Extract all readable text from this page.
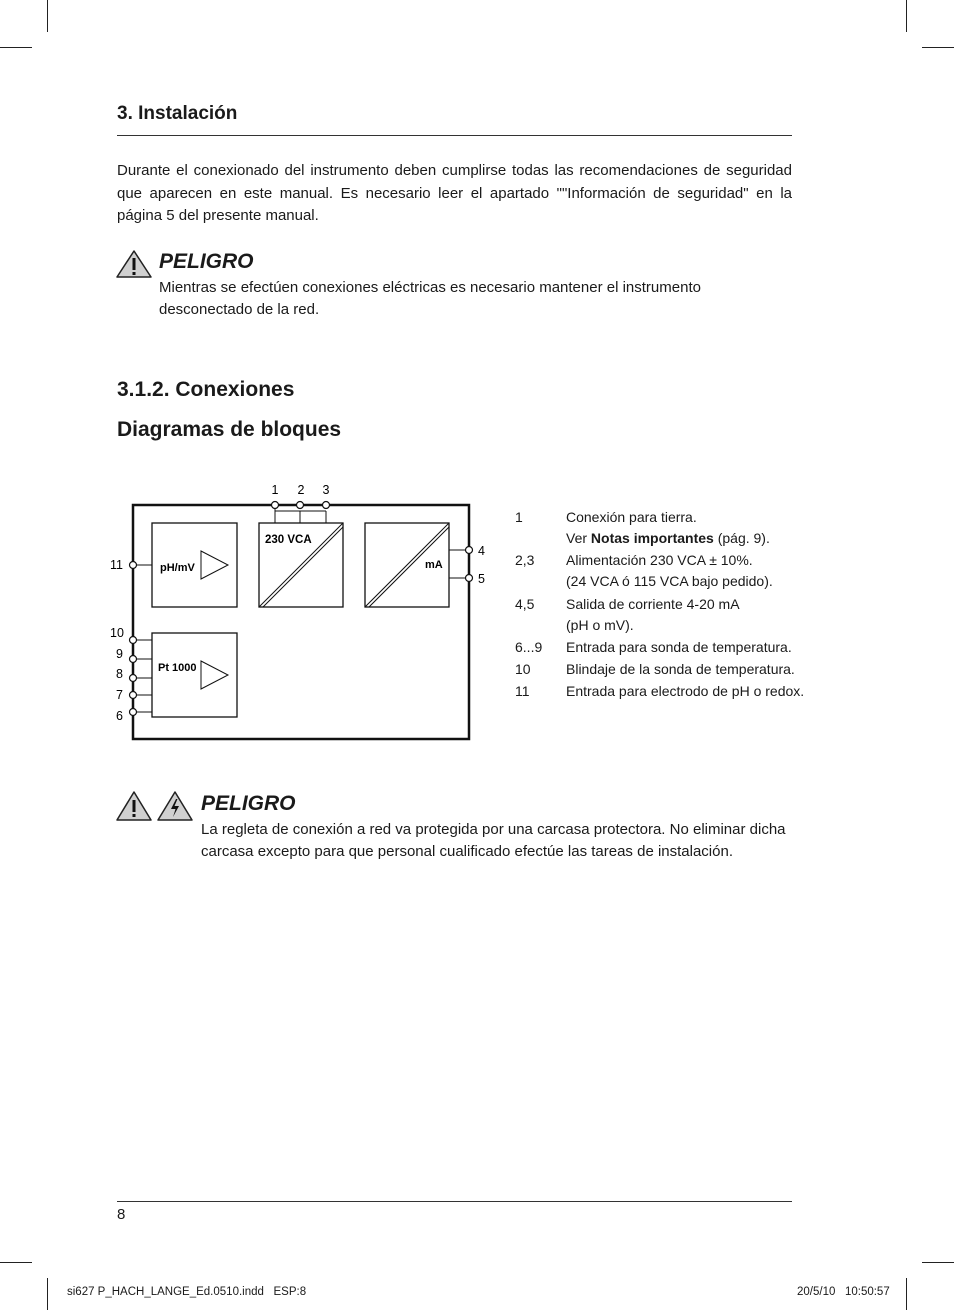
3. Instalación
Durante el conexionado del instrumento deben cumplirse todas las recomendaciones de seguridad que aparecen en este manual. Es necesario leer el apartado ""Información de seguridad" en la página 5 del presente manual.
PELIGRO
Mientras se efectúen conexiones eléctricas es necesario mantener el instrumento desconectado de la red.
3.1.2. Conexiones
Diagramas de bloques
pH/mV
230 VCA
mA
Pt 1000
1 2 3
4
5
11
10
9
8
7
6
1	Conexión para tierra.
Ver Notas importantes (pág. 9).
2,3 Alimentación 230 VCA ± 10%.
(24 VCA ó 115 VCA bajo pedido).
4,5 Salida de corriente 4-20 mA
(pH o mV).
6...9 Entrada para sonda de temperatura.
10	Blindaje de la sonda de temperatura.
11	Entrada para electrodo de pH o redox.
PELIGRO
La regleta de conexión a red va protegida por una carcasa protectora. No eliminar dicha
carcasa excepto para que personal cualificado efectúe las tareas de instalación.
8
si627 P_HACH_LANGE_Ed.0510.indd   ESP:8	20/5/10   10:50:57
